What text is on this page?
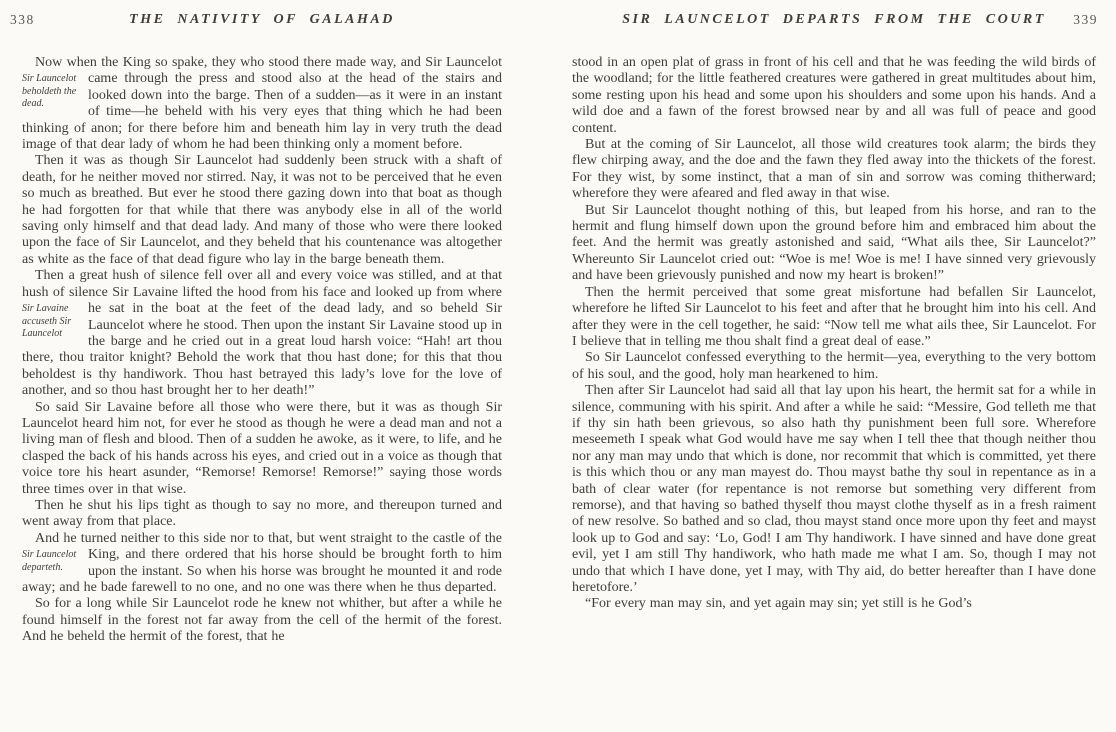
338	THE NATIVITY OF GALAHAD

Now when the King so spake, they who stood there made way, and Sir
Sir Launcelot beholdeth the dead.
Launcelot came through the press and stood also at the head of the stairs and looked down into the barge. Then of a sudden—as it were in an instant of time—he beheld with his very eyes that thing which he had been thinking of anon; for there before him and beneath him lay in very truth the dead image of that dear lady of whom he had been thinking only a moment before.

Then it was as though Sir Launcelot had suddenly been struck with a shaft of death, for he neither moved nor stirred. Nay, it was not to be perceived that he even so much as breathed. But ever he stood there gazing down into that boat as though he had forgotten for that while that there was anybody else in all of the world saving only himself and that dead lady. And many of those who were there looked upon the face of Sir Launcelot, and they beheld that his countenance was altogether as white as the face of that dead figure who lay in the barge beneath them.

Then a great hush of silence fell over all and every voice was stilled, and at that hush of silence Sir Lavaine lifted the hood from his face and looked up from where he sat in the boat at the feet of the dead lady, and
Sir Lavaine accuseth Sir Launcelot
so beheld Sir Launcelot where he stood. Then upon the instant Sir Lavaine stood up in the barge and he cried out in a great loud harsh voice: “Hah! art thou there, thou traitor knight? Behold the work that thou hast done; for this that thou beholdest is thy handiwork. Thou hast betrayed this lady’s love for the love of another, and so thou hast brought her to her death!”

So said Sir Lavaine before all those who were there, but it was as though Sir Launcelot heard him not, for ever he stood as though he were a dead man and not a living man of flesh and blood. Then of a sudden he awoke, as it were, to life, and he clasped the back of his hands across his eyes, and cried out in a voice as though that voice tore his heart asunder, “Remorse! Remorse! Remorse!” saying those words three times over in that wise.

Then he shut his lips tight as though to say no more, and thereupon turned and went away from that place.

And he turned neither to this side nor to that, but went straight to the castle of the King, and there ordered that his horse should be brought
Sir Launcelot departeth.
forth to him upon the instant. So when his horse was brought he mounted it and rode away; and he bade farewell to no one, and no one was there when he thus departed.

So for a long while Sir Launcelot rode he knew not whither, but after a while he found himself in the forest not far away from the cell of the hermit of the forest. And he beheld the hermit of the forest, that he

SIR LAUNCELOT DEPARTS FROM THE COURT	339

stood in an open plat of grass in front of his cell and that he was feeding the wild birds of the woodland; for the little feathered creatures were gathered in great multitudes about him, some resting upon his head and some upon his shoulders and some upon his hands. And a wild doe and a fawn of the forest browsed near by and all was full of peace and good content.

But at the coming of Sir Launcelot, all those wild creatures took alarm; the birds they flew chirping away, and the doe and the fawn they fled away into the thickets of the forest. For they wist, by some instinct, that a man of sin and sorrow was coming thitherward; wherefore they were afeared and fled away in that wise.

But Sir Launcelot thought nothing of this, but leaped from his horse, and ran to the hermit and flung himself down upon the ground before him and embraced him about the feet. And the hermit was greatly astonished and said, “What ails thee, Sir Launcelot?” Whereunto Sir Launcelot cried out: “Woe is me! Woe is me! I have sinned very grievously and have been grievously punished and now my heart is broken!”

Then the hermit perceived that some great misfortune had befallen Sir Launcelot, wherefore he lifted Sir Launcelot to his feet and after that he brought him into his cell. And after they were in the cell together, he said: “Now tell me what ails thee, Sir Launcelot. For I believe that in telling me thou shalt find a great deal of ease.”

So Sir Launcelot confessed everything to the hermit—yea, everything to the very bottom of his soul, and the good, holy man hearkened to him.

Then after Sir Launcelot had said all that lay upon his heart, the hermit sat for a while in silence, communing with his spirit. And after a while he said: “Messire, God telleth me that if thy sin hath been grievous, so also hath thy punishment been full sore. Wherefore meseemeth I speak what God would have me say when I tell thee that though neither thou nor any man may undo that which is done, nor recommit that which is committed, yet there is this which thou or any man mayest do. Thou mayst bathe thy soul in repentance as in a bath of clear water (for repentance is not remorse but something very different from remorse), and that having so bathed thyself thou mayst clothe thyself as in a fresh raiment of new resolve. So bathed and so clad, thou mayst stand once more upon thy feet and mayst look up to God and say: ‘Lo, God! I am Thy handiwork. I have sinned and have done great evil, yet I am still Thy handiwork, who hath made me what I am. So, though I may not undo that which I have done, yet I may, with Thy aid, do better hereafter than I have done heretofore.’

“For every man may sin, and yet again may sin; yet still is he God’s
